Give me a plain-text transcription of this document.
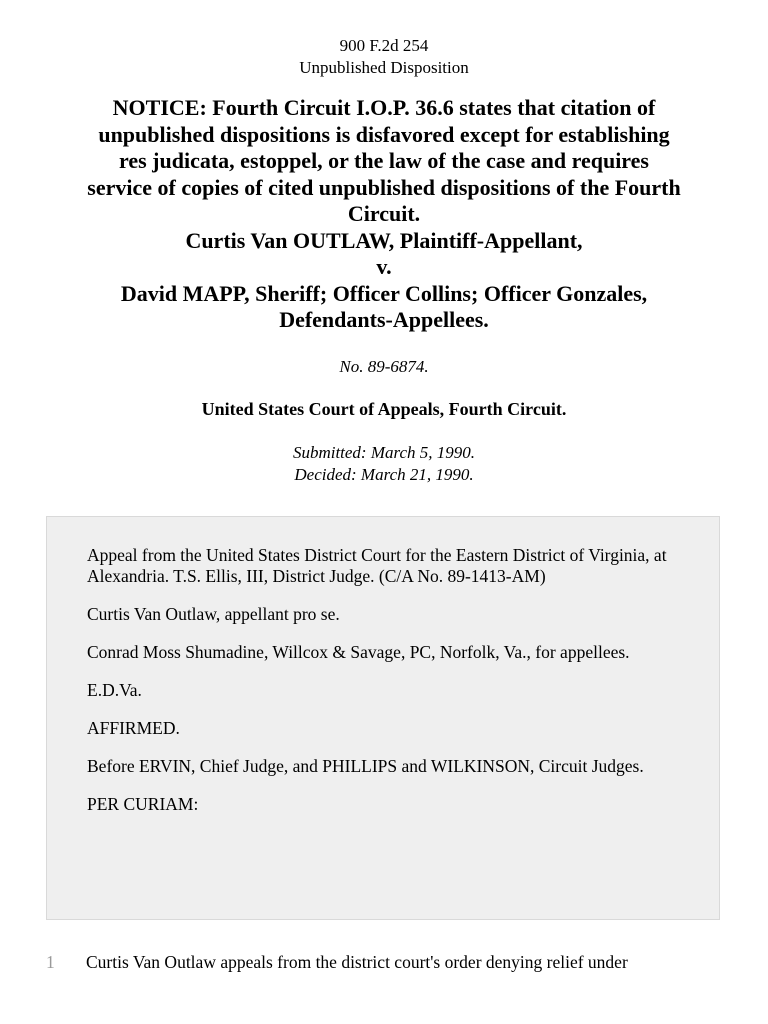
900 F.2d 254
Unpublished Disposition
NOTICE: Fourth Circuit I.O.P. 36.6 states that citation of
unpublished dispositions is disfavored except for establishing
res judicata, estoppel, or the law of the case and requires
service of copies of cited unpublished dispositions of the Fourth
Circuit.
Curtis Van OUTLAW, Plaintiff-Appellant,
v.
David MAPP, Sheriff; Officer Collins; Officer Gonzales,
Defendants-Appellees.
No. 89-6874.
United States Court of Appeals, Fourth Circuit.
Submitted: March 5, 1990.
Decided: March 21, 1990.

Appeal from the United States District Court for the Eastern District of Virginia, at Alexandria. T.S. Ellis, III, District Judge. (C/A No. 89-1413-AM)

Curtis Van Outlaw, appellant pro se.

Conrad Moss Shumadine, Willcox & Savage, PC, Norfolk, Va., for appellees.

E.D.Va.

AFFIRMED.

Before ERVIN, Chief Judge, and PHILLIPS and WILKINSON, Circuit Judges.

PER CURIAM:

1	Curtis Van Outlaw appeals from the district court's order denying relief under
